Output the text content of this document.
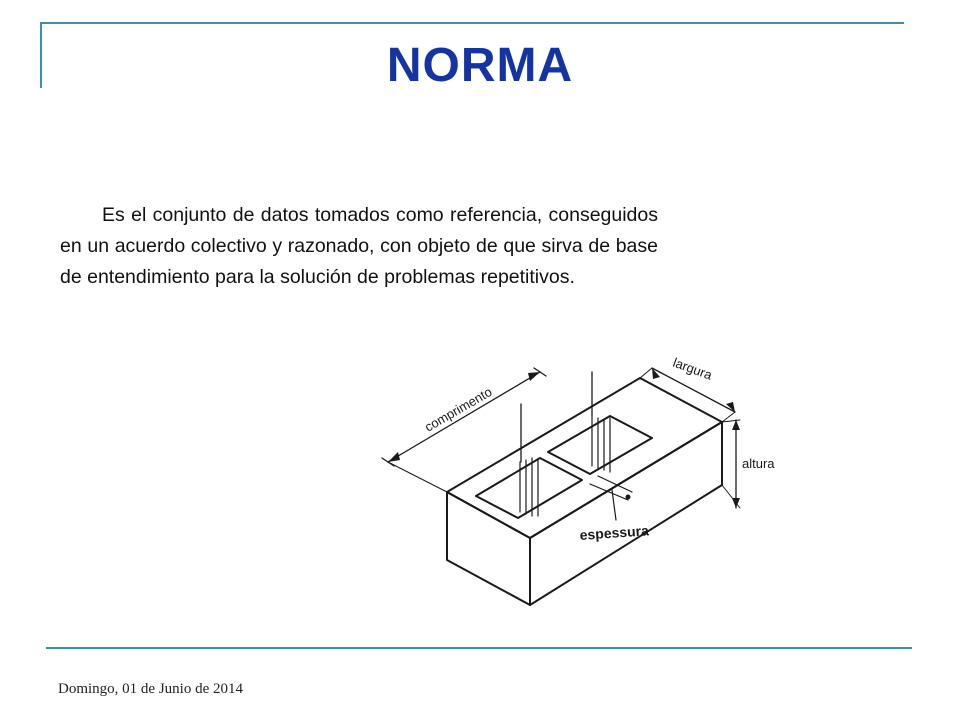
NORMA

Es el conjunto de datos tomados como referencia, conseguidos en un acuerdo colectivo y razonado, con objeto de que sirva de base de entendimiento para la solución de problemas repetitivos.

comprimento
largura
altura
espessura
Domingo, 01 de Junio de 2014
